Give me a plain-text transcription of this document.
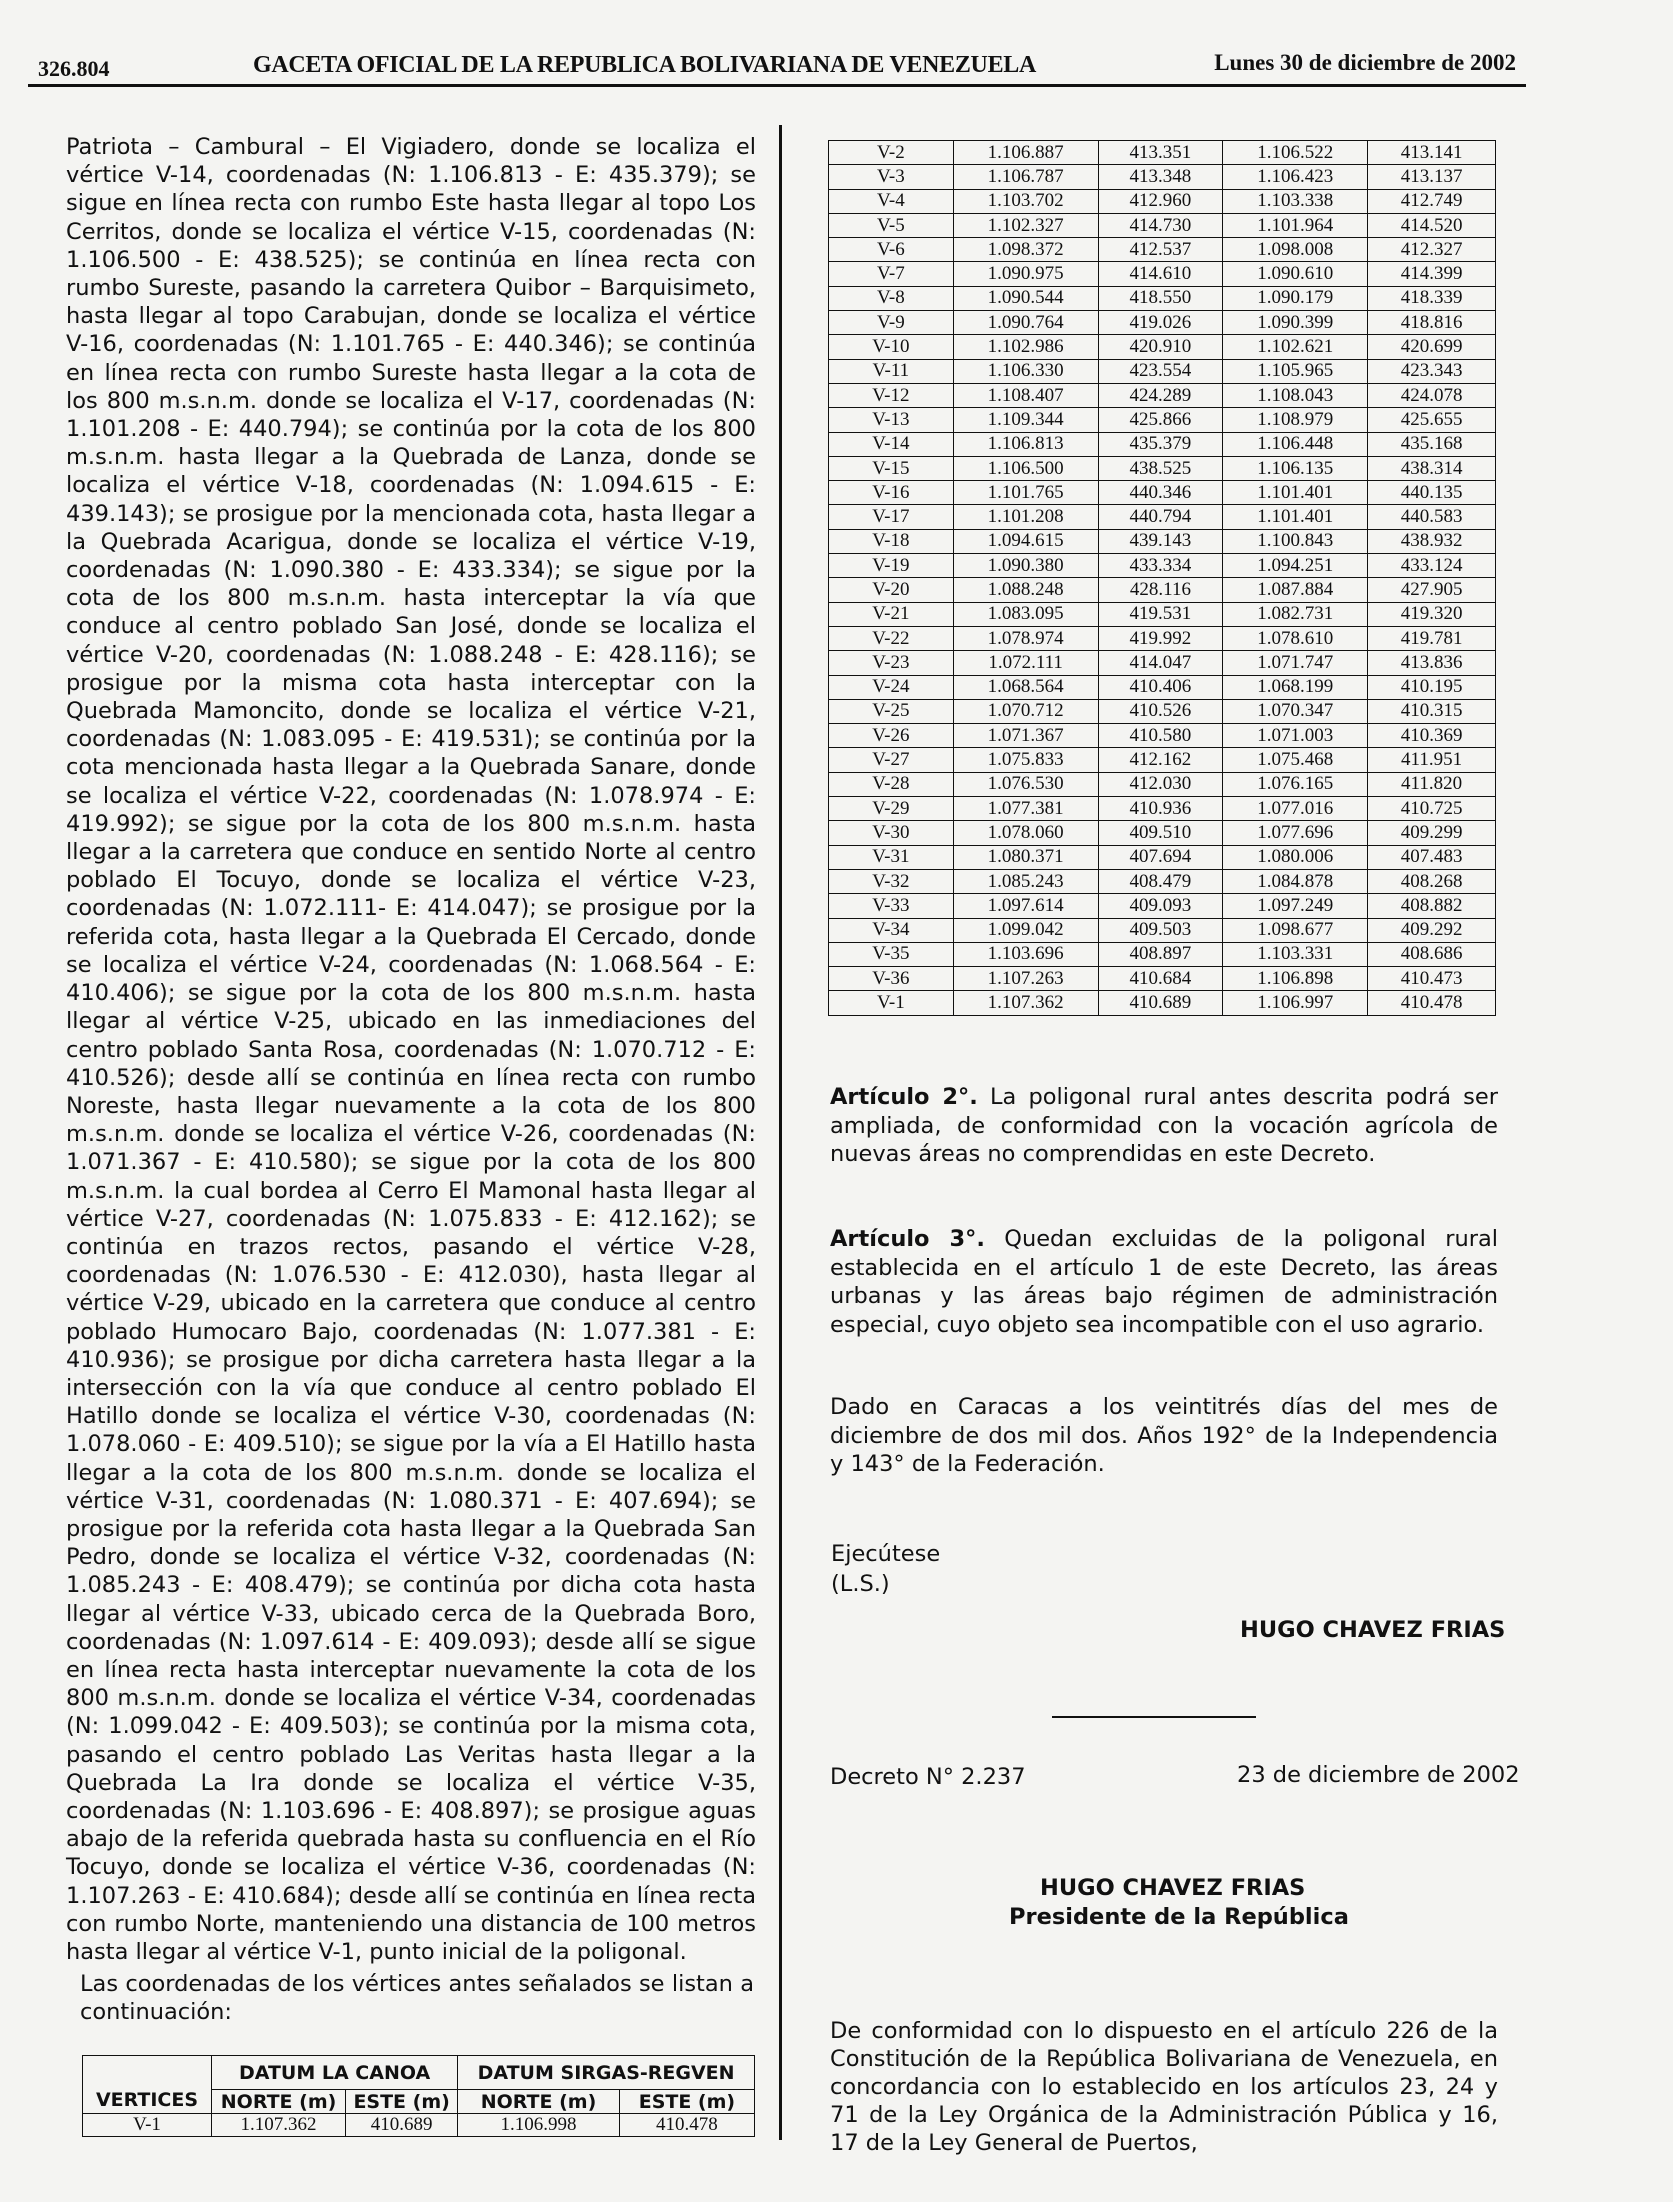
326.804	GACETA OFICIAL DE LA REPUBLICA BOLIVARIANA DE VENEZUELA	Lunes 30 de diciembre de 2002

Patriota – Cambural – El Vigiadero, donde se localiza el vértice V-14, coordenadas (N: 1.106.813 - E: 435.379); se sigue en línea recta con rumbo Este hasta llegar al topo Los Cerritos, donde se localiza el vértice V-15, coordenadas (N: 1.106.500 - E: 438.525); se continúa en línea recta con rumbo Sureste, pasando la carretera Quibor – Barquisimeto, hasta llegar al topo Carabujan, donde se localiza el vértice V-16, coordenadas (N: 1.101.765 - E: 440.346); se continúa en línea recta con rumbo Sureste hasta llegar a la cota de los 800 m.s.n.m. donde se localiza el V-17, coordenadas (N: 1.101.208 - E: 440.794); se continúa por la cota de los 800 m.s.n.m. hasta llegar a la Quebrada de Lanza, donde se localiza el vértice V-18, coordenadas (N: 1.094.615 - E: 439.143); se prosigue por la mencionada cota, hasta llegar a la Quebrada Acarigua, donde se localiza el vértice V-19, coordenadas (N: 1.090.380 - E: 433.334); se sigue por la cota de los 800 m.s.n.m. hasta interceptar la vía que conduce al centro poblado San José, donde se localiza el vértice V-20, coordenadas (N: 1.088.248 - E: 428.116); se prosigue por la misma cota hasta interceptar con la Quebrada Mamoncito, donde se localiza el vértice V-21, coordenadas (N: 1.083.095 - E: 419.531); se continúa por la cota mencionada hasta llegar a la Quebrada Sanare, donde se localiza el vértice V-22, coordenadas (N: 1.078.974 - E: 419.992); se sigue por la cota de los 800 m.s.n.m. hasta llegar a la carretera que conduce en sentido Norte al centro poblado El Tocuyo, donde se localiza el vértice V-23, coordenadas (N: 1.072.111- E: 414.047); se prosigue por la referida cota, hasta llegar a la Quebrada El Cercado, donde se localiza el vértice V-24, coordenadas (N: 1.068.564 - E: 410.406); se sigue por la cota de los 800 m.s.n.m. hasta llegar al vértice V-25, ubicado en las inmediaciones del centro poblado Santa Rosa, coordenadas (N: 1.070.712 - E: 410.526); desde allí se continúa en línea recta con rumbo Noreste, hasta llegar nuevamente a la cota de los 800 m.s.n.m. donde se localiza el vértice V-26, coordenadas (N: 1.071.367 - E: 410.580); se sigue por la cota de los 800 m.s.n.m. la cual bordea al Cerro El Mamonal hasta llegar al vértice V-27, coordenadas (N: 1.075.833 - E: 412.162); se continúa en trazos rectos, pasando el vértice V-28, coordenadas (N: 1.076.530 - E: 412.030), hasta llegar al vértice V-29, ubicado en la carretera que conduce al centro poblado Humocaro Bajo, coordenadas (N: 1.077.381 - E: 410.936); se prosigue por dicha carretera hasta llegar a la intersección con la vía que conduce al centro poblado El Hatillo donde se localiza el vértice V-30, coordenadas (N: 1.078.060 - E: 409.510); se sigue por la vía a El Hatillo hasta llegar a la cota de los 800 m.s.n.m. donde se localiza el vértice V-31, coordenadas (N: 1.080.371 - E: 407.694); se prosigue por la referida cota hasta llegar a la Quebrada San Pedro, donde se localiza el vértice V-32, coordenadas (N: 1.085.243 - E: 408.479); se continúa por dicha cota hasta llegar al vértice V-33, ubicado cerca de la Quebrada Boro, coordenadas (N: 1.097.614 - E: 409.093); desde allí se sigue en línea recta hasta interceptar nuevamente la cota de los 800 m.s.n.m. donde se localiza el vértice V-34, coordenadas (N: 1.099.042 - E: 409.503); se continúa por la misma cota, pasando el centro poblado Las Veritas hasta llegar a la Quebrada La Ira donde se localiza el vértice V-35, coordenadas (N: 1.103.696 - E: 408.897); se prosigue aguas abajo de la referida quebrada hasta su confluencia en el Río Tocuyo, donde se localiza el vértice V-36, coordenadas (N: 1.107.263 - E: 410.684); desde allí se continúa en línea recta con rumbo Norte, manteniendo una distancia de 100 metros hasta llegar al vértice V-1, punto inicial de la poligonal.

Las coordenadas de los vértices antes señalados se listan a continuación:

VERTICES	DATUM LA CANOA		DATUM SIRGAS-REGVEN	
	NORTE (m)	ESTE (m)	NORTE (m)	ESTE (m)
V-1	1.107.362	410.689	1.106.998	410.478
V-2	1.106.887	413.351	1.106.522	413.141
V-3	1.106.787	413.348	1.106.423	413.137
V-4	1.103.702	412.960	1.103.338	412.749
V-5	1.102.327	414.730	1.101.964	414.520
V-6	1.098.372	412.537	1.098.008	412.327
V-7	1.090.975	414.610	1.090.610	414.399
V-8	1.090.544	418.550	1.090.179	418.339
V-9	1.090.764	419.026	1.090.399	418.816
V-10	1.102.986	420.910	1.102.621	420.699
V-11	1.106.330	423.554	1.105.965	423.343
V-12	1.108.407	424.289	1.108.043	424.078
V-13	1.109.344	425.866	1.108.979	425.655
V-14	1.106.813	435.379	1.106.448	435.168
V-15	1.106.500	438.525	1.106.135	438.314
V-16	1.101.765	440.346	1.101.401	440.135
V-17	1.101.208	440.794	1.101.401	440.583
V-18	1.094.615	439.143	1.100.843	438.932
V-19	1.090.380	433.334	1.094.251	433.124
V-20	1.088.248	428.116	1.087.884	427.905
V-21	1.083.095	419.531	1.082.731	419.320
V-22	1.078.974	419.992	1.078.610	419.781
V-23	1.072.111	414.047	1.071.747	413.836
V-24	1.068.564	410.406	1.068.199	410.195
V-25	1.070.712	410.526	1.070.347	410.315
V-26	1.071.367	410.580	1.071.003	410.369
V-27	1.075.833	412.162	1.075.468	411.951
V-28	1.076.530	412.030	1.076.165	411.820
V-29	1.077.381	410.936	1.077.016	410.725
V-30	1.078.060	409.510	1.077.696	409.299
V-31	1.080.371	407.694	1.080.006	407.483
V-32	1.085.243	408.479	1.084.878	408.268
V-33	1.097.614	409.093	1.097.249	408.882
V-34	1.099.042	409.503	1.098.677	409.292
V-35	1.103.696	408.897	1.103.331	408.686
V-36	1.107.263	410.684	1.106.898	410.473
V-1	1.107.362	410.689	1.106.997	410.478

Artículo 2°. La poligonal rural antes descrita podrá ser ampliada, de conformidad con la vocación agrícola de nuevas áreas no comprendidas en este Decreto.

Artículo 3°. Quedan excluidas de la poligonal rural establecida en el artículo 1 de este Decreto, las áreas urbanas y las áreas bajo régimen de administración especial, cuyo objeto sea incompatible con el uso agrario.

Dado en Caracas a los veintitrés días del mes de diciembre de dos mil dos. Años 192° de la Independencia y 143° de la Federación.

Ejecútese
(L.S.)
HUGO CHAVEZ FRIAS
Decreto N° 2.237	23 de diciembre de 2002
HUGO CHAVEZ FRIAS
Presidente de la República

De conformidad con lo dispuesto en el artículo 226 de la Constitución de la República Bolivariana de Venezuela, en concordancia con lo establecido en los artículos 23, 24 y 71 de la Ley Orgánica de la Administración Pública y 16, 17 de la Ley General de Puertos,
